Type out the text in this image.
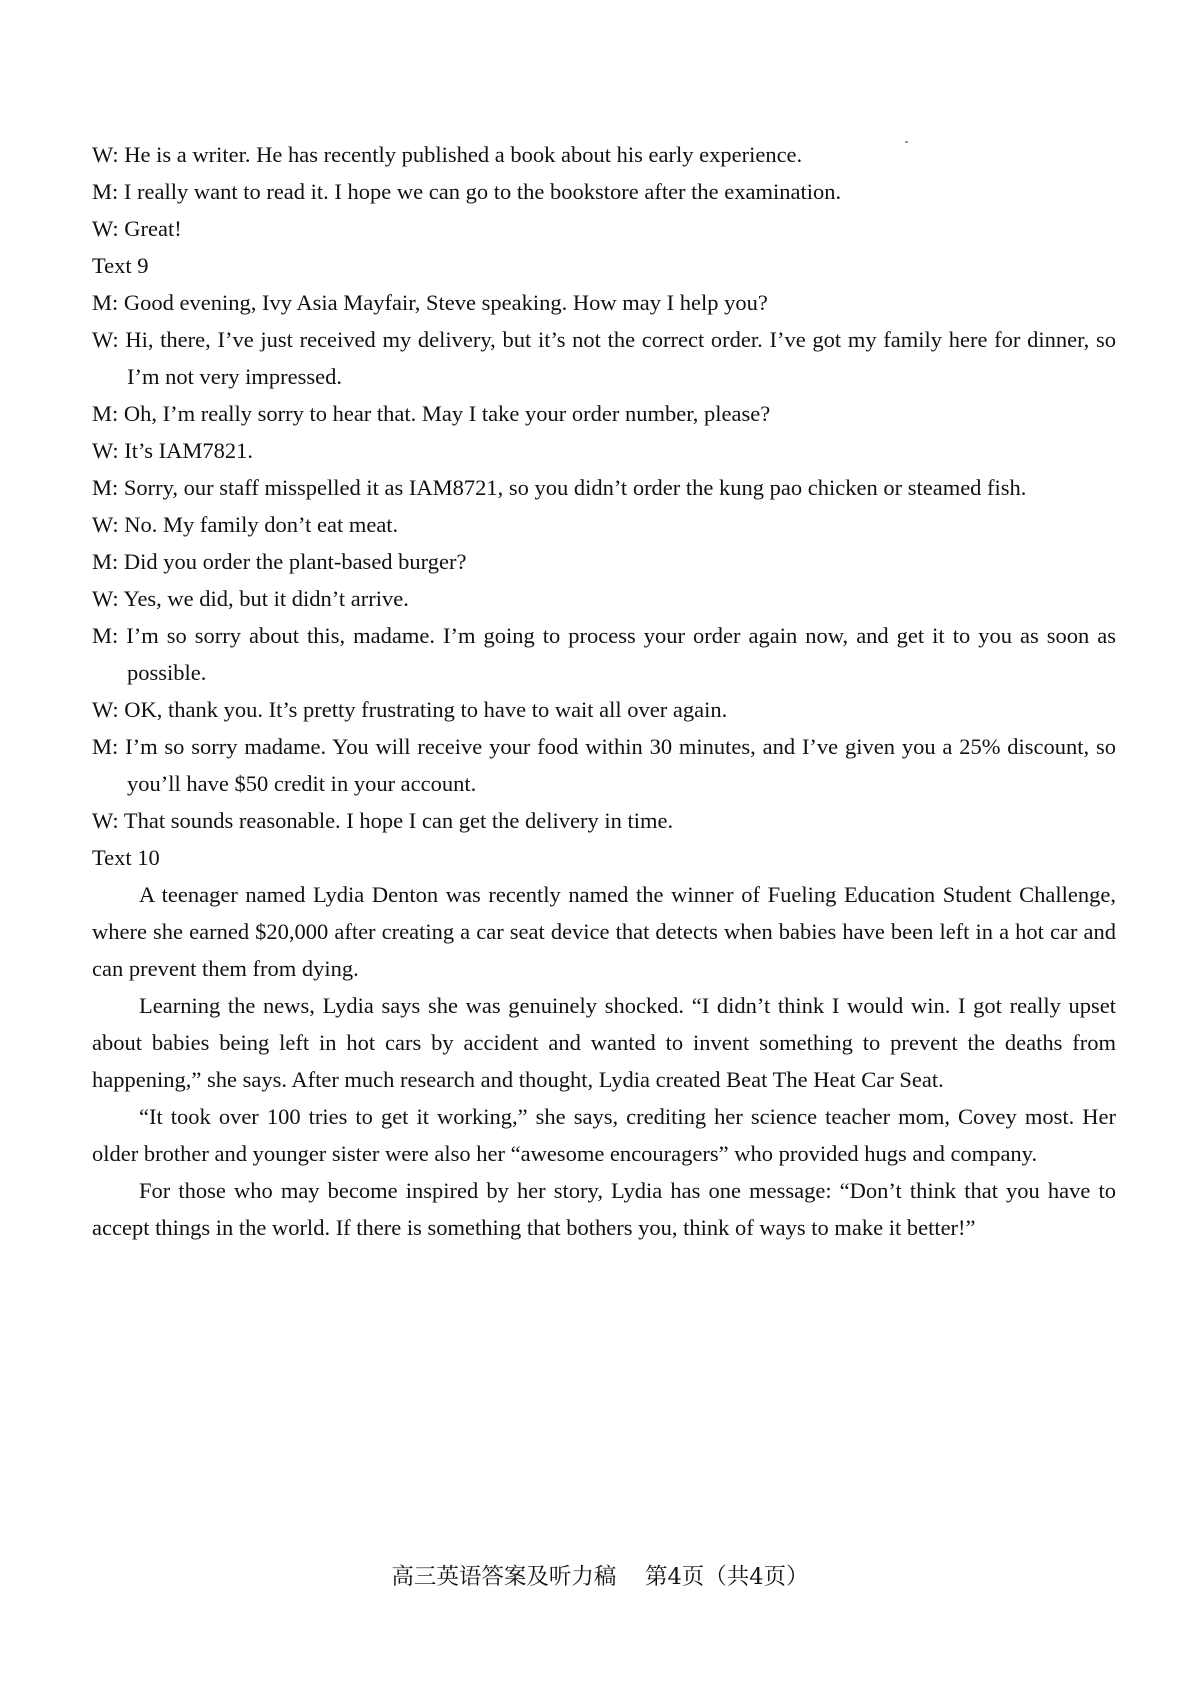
W: He is a writer. He has recently published a book about his early experience.

M: I really want to read it. I hope we can go to the bookstore after the examination.

W: Great!

Text 9

M: Good evening, Ivy Asia Mayfair, Steve speaking. How may I help you?

W: Hi, there, I’ve just received my delivery, but it’s not the correct order. I’ve got my family here for dinner, so I’m not very impressed.

M: Oh, I’m really sorry to hear that. May I take your order number, please?

W: It’s IAM7821.

M: Sorry, our staff misspelled it as IAM8721, so you didn’t order the kung pao chicken or steamed fish.

W: No. My family don’t eat meat.

M: Did you order the plant-based burger?

W: Yes, we did, but it didn’t arrive.

M: I’m so sorry about this, madame. I’m going to process your order again now, and get it to you as soon as possible.

W: OK, thank you. It’s pretty frustrating to have to wait all over again.

M: I’m so sorry madame. You will receive your food within 30 minutes, and I’ve given you a 25% discount, so you’ll have $50 credit in your account.

W: That sounds reasonable. I hope I can get the delivery in time.

Text 10

A teenager named Lydia Denton was recently named the winner of Fueling Education Student Challenge, where she earned $20,000 after creating a car seat device that detects when babies have been left in a hot car and can prevent them from dying.

Learning the news, Lydia says she was genuinely shocked. “I didn’t think I would win. I got really upset about babies being left in hot cars by accident and wanted to invent something to prevent the deaths from happening,” she says. After much research and thought, Lydia created Beat The Heat Car Seat.

“It took over 100 tries to get it working,” she says, crediting her science teacher mom, Covey most. Her older brother and younger sister were also her “awesome encouragers” who provided hugs and company.

For those who may become inspired by her story, Lydia has one message: “Don’t think that you have to accept things in the world. If there is something that bothers you, think of ways to make it better!”

高三英语答案及听力稿 第4页（共4页）
